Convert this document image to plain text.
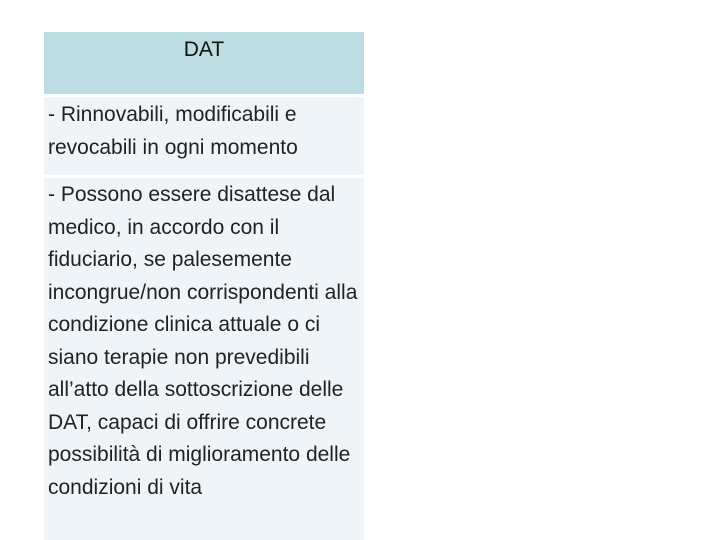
DAT
- Rinnovabili, modificabili e revocabili in ogni momento
- Possono essere disattese dal medico, in accordo con il fiduciario, se palesemente incongrue/non corrispondenti alla condizione clinica attuale o ci siano terapie non prevedibili all’atto della sottoscrizione delle DAT, capaci di offrire concrete possibilità di miglioramento delle condizioni di vita
